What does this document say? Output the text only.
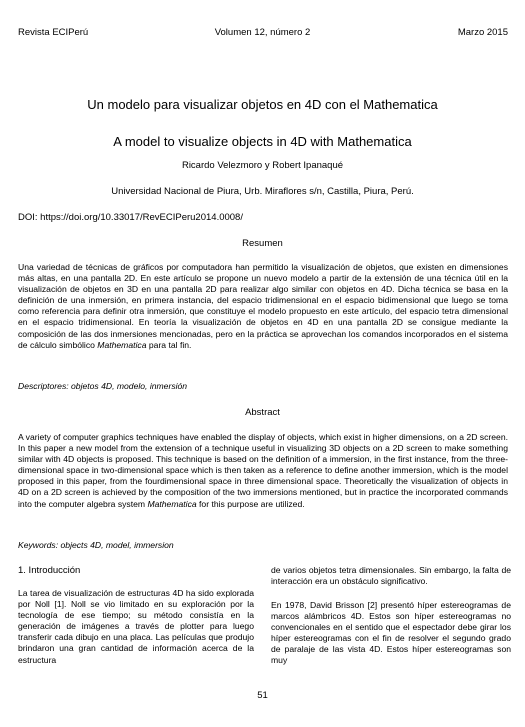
Revista ECIPerú	Volumen 12, número 2	Marzo 2015
Un modelo para visualizar objetos en 4D con el Mathematica
A model to visualize objects in 4D with Mathematica
Ricardo Velezmoro y Robert Ipanaqué
Universidad Nacional de Piura, Urb. Miraflores s/n, Castilla, Piura, Perú.
DOI: https://doi.org/10.33017/RevECIPeru2014.0008/
Resumen
Una variedad de técnicas de gráficos por computadora han permitido la visualización de objetos, que existen en dimensiones más altas, en una pantalla 2D. En este artículo se propone un nuevo modelo a partir de la extensión de una técnica útil en la visualización de objetos en 3D en una pantalla 2D para realizar algo similar con objetos en 4D. Dicha técnica se basa en la definición de una inmersión, en primera instancia, del espacio tridimensional en el espacio bidimensional que luego se toma como referencia para definir otra inmersión, que constituye el modelo propuesto en este artículo, del espacio tetra dimensional en el espacio tridimensional. En teoría la visualización de objetos en 4D en una pantalla 2D se consigue mediante la composición de las dos inmersiones mencionadas, pero en la práctica se aprovechan los comandos incorporados en el sistema de cálculo simbólico Mathematica para tal fin.
Descriptores: objetos 4D, modelo, inmersión
Abstract
A variety of computer graphics techniques have enabled the display of objects, which exist in higher dimensions, on a 2D screen. In this paper a new model from the extension of a technique useful in visualizing 3D objects on a 2D screen to make something similar with 4D objects is proposed. This technique is based on the definition of a immersion, in the first instance, from the three-dimensional space in two-dimensional space which is then taken as a reference to define another immersion, which is the model proposed in this paper, from the fourdimensional space in three dimensional space. Theoretically the visualization of objects in 4D on a 2D screen is achieved by the composition of the two immersions mentioned, but in practice the incorporated commands into the computer algebra system Mathematica for this purpose are utilized.
Keywords: objects 4D, model, immersion
1. Introducción
La tarea de visualización de estructuras 4D ha sido explorada por Noll [1]. Noll se vio limitado en su exploración por la tecnología de ese tiempo; su método consistía en la generación de imágenes a través de plotter para luego transferir cada dibujo en una placa. Las películas que produjo brindaron una gran cantidad de información acerca de la estructura
de varios objetos tetra dimensionales. Sin embargo, la falta de interacción era un obstáculo significativo.
En 1978, David Brisson [2] presentó híper estereogramas de marcos alámbricos 4D. Estos son híper estereogramas no convencionales en el sentido que el espectador debe girar los híper estereogramas con el fin de resolver el segundo grado de paralaje de las vista 4D. Estos híper estereogramas son muy
51
